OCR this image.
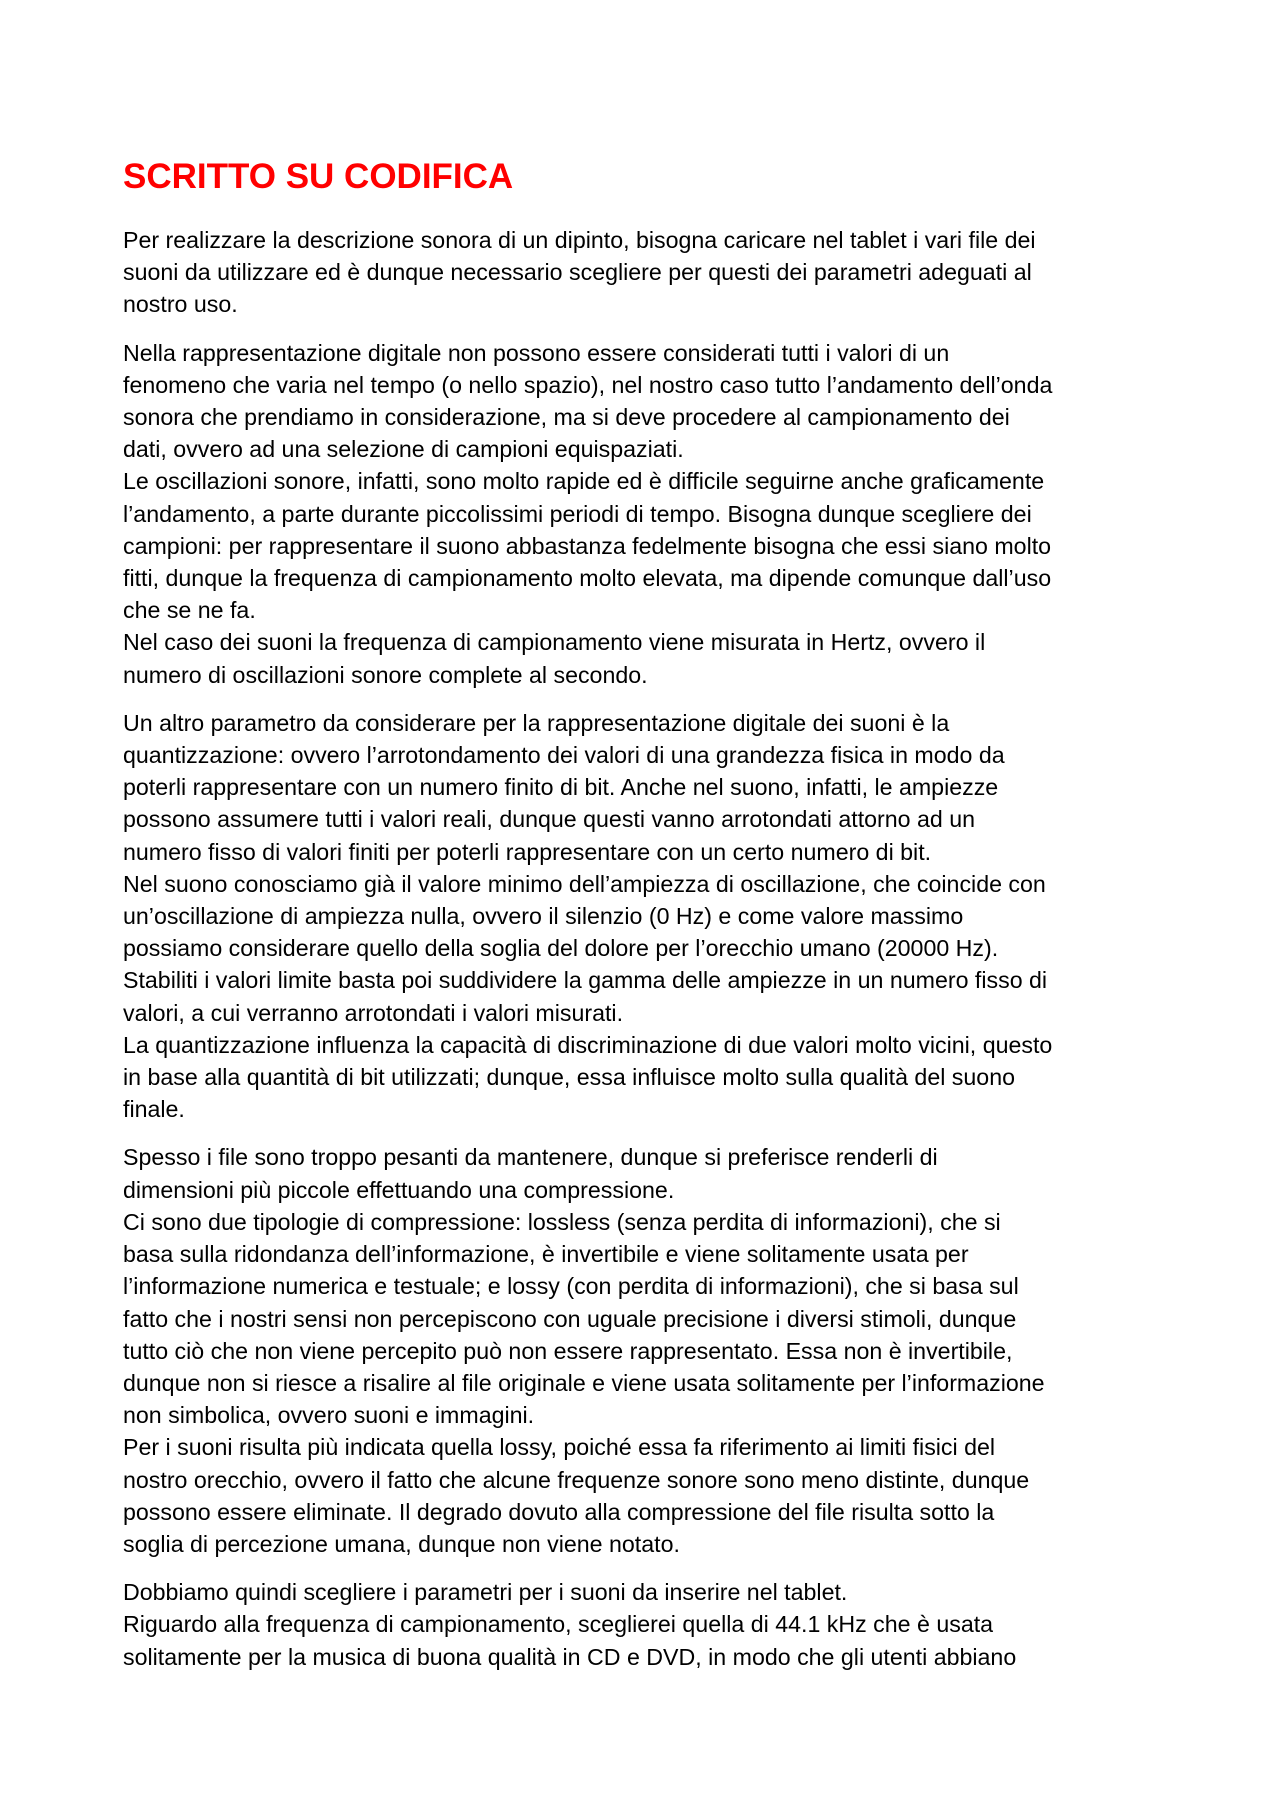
SCRITTO SU CODIFICA
Per realizzare la descrizione sonora di un dipinto, bisogna caricare nel tablet i vari file dei
suoni da utilizzare ed è dunque necessario scegliere per questi dei parametri adeguati al
nostro uso.
Nella rappresentazione digitale non possono essere considerati tutti i valori di un
fenomeno che varia nel tempo (o nello spazio), nel nostro caso tutto l’andamento dell’onda
sonora che prendiamo in considerazione, ma si deve procedere al campionamento dei
dati, ovvero ad una selezione di campioni equispaziati.
Le oscillazioni sonore, infatti, sono molto rapide ed è difficile seguirne anche graficamente
l’andamento, a parte durante piccolissimi periodi di tempo. Bisogna dunque scegliere dei
campioni: per rappresentare il suono abbastanza fedelmente bisogna che essi siano molto
fitti, dunque la frequenza di campionamento molto elevata, ma dipende comunque dall’uso
che se ne fa.
Nel caso dei suoni la frequenza di campionamento viene misurata in Hertz, ovvero il
numero di oscillazioni sonore complete al secondo.
Un altro parametro da considerare per la rappresentazione digitale dei suoni è la
quantizzazione: ovvero l’arrotondamento dei valori di una grandezza fisica in modo da
poterli rappresentare con un numero finito di bit. Anche nel suono, infatti, le ampiezze
possono assumere tutti i valori reali, dunque questi vanno arrotondati attorno ad un
numero fisso di valori finiti per poterli rappresentare con un certo numero di bit.
Nel suono conosciamo già il valore minimo dell’ampiezza di oscillazione, che coincide con
un’oscillazione di ampiezza nulla, ovvero il silenzio (0 Hz) e come valore massimo
possiamo considerare quello della soglia del dolore per l’orecchio umano (20000 Hz).
Stabiliti i valori limite basta poi suddividere la gamma delle ampiezze in un numero fisso di
valori, a cui verranno arrotondati i valori misurati.
La quantizzazione influenza la capacità di discriminazione di due valori molto vicini, questo
in base alla quantità di bit utilizzati; dunque, essa influisce molto sulla qualità del suono
finale.
Spesso i file sono troppo pesanti da mantenere, dunque si preferisce renderli di
dimensioni più piccole effettuando una compressione.
Ci sono due tipologie di compressione: lossless (senza perdita di informazioni), che si
basa sulla ridondanza dell’informazione, è invertibile e viene solitamente usata per
l’informazione numerica e testuale; e lossy (con perdita di informazioni), che si basa sul
fatto che i nostri sensi non percepiscono con uguale precisione i diversi stimoli, dunque
tutto ciò che non viene percepito può non essere rappresentato. Essa non è invertibile,
dunque non si riesce a risalire al file originale e viene usata solitamente per l’informazione
non simbolica, ovvero suoni e immagini.
Per i suoni risulta più indicata quella lossy, poiché essa fa riferimento ai limiti fisici del
nostro orecchio, ovvero il fatto che alcune frequenze sonore sono meno distinte, dunque
possono essere eliminate. Il degrado dovuto alla compressione del file risulta sotto la
soglia di percezione umana, dunque non viene notato.
Dobbiamo quindi scegliere i parametri per i suoni da inserire nel tablet.
Riguardo alla frequenza di campionamento, sceglierei quella di 44.1 kHz che è usata
solitamente per la musica di buona qualità in CD e DVD, in modo che gli utenti abbiano
